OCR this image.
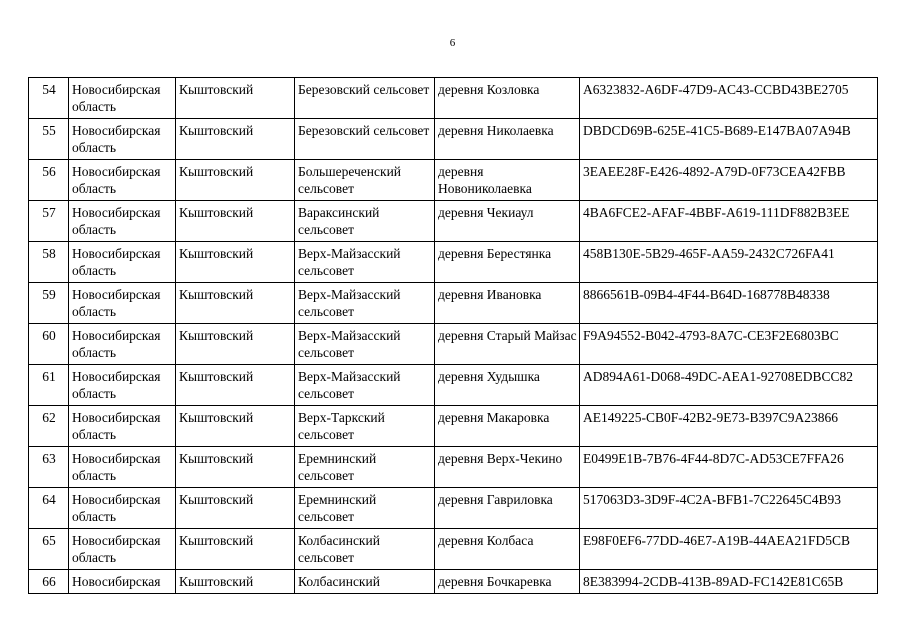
6
54	Новосибирская область	Кыштовский	Березовский сельсовет	деревня Козловка	A6323832-A6DF-47D9-AC43-CCBD43BE2705
55	Новосибирская область	Кыштовский	Березовский сельсовет	деревня Николаевка	DBDCD69B-625E-41C5-B689-E147BA07A94B
56	Новосибирская область	Кыштовский	Большереченский сельсовет	деревня Новониколаевка	3EAEE28F-E426-4892-A79D-0F73CEA42FBB
57	Новосибирская область	Кыштовский	Вараксинский сельсовет	деревня Чекиаул	4BA6FCE2-AFAF-4BBF-A619-111DF882B3EE
58	Новосибирская область	Кыштовский	Верх-Майзасский сельсовет	деревня Берестянка	458B130E-5B29-465F-AA59-2432C726FA41
59	Новосибирская область	Кыштовский	Верх-Майзасский сельсовет	деревня Ивановка	8866561B-09B4-4F44-B64D-168778B48338
60	Новосибирская область	Кыштовский	Верх-Майзасский сельсовет	деревня Старый Майзас	F9A94552-B042-4793-8A7C-CE3F2E6803BC
61	Новосибирская область	Кыштовский	Верх-Майзасский сельсовет	деревня Худышка	AD894A61-D068-49DC-AEA1-92708EDBCC82
62	Новосибирская область	Кыштовский	Верх-Таркский сельсовет	деревня Макаровка	AE149225-CB0F-42B2-9E73-B397C9A23866
63	Новосибирская область	Кыштовский	Еремнинский сельсовет	деревня Верх-Чекино	E0499E1B-7B76-4F44-8D7C-AD53CE7FFA26
64	Новосибирская область	Кыштовский	Еремнинский сельсовет	деревня Гавриловка	517063D3-3D9F-4C2A-BFB1-7C22645C4B93
65	Новосибирская область	Кыштовский	Колбасинский сельсовет	деревня Колбаса	E98F0EF6-77DD-46E7-A19B-44AEA21FD5CB
66	Новосибирская	Кыштовский	Колбасинский	деревня Бочкаревка	8E383994-2CDB-413B-89AD-FC142E81C65B
